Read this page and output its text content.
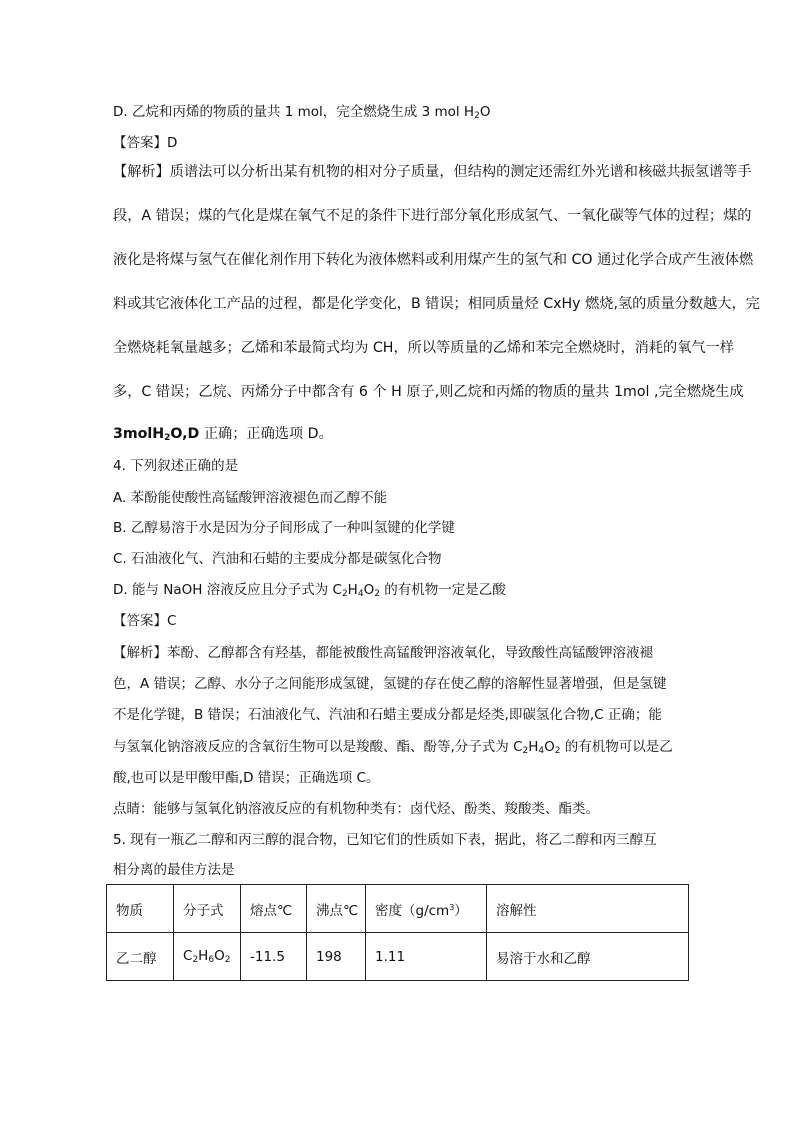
D. 乙烷和丙烯的物质的量共 1 mol，完全燃烧生成 3 mol $H_2O$
【答案】D
【解析】质谱法可以分析出某有机物的相对分子质量，但结构的测定还需红外光谱和核磁共振氢谱等手
段，A 错误；煤的气化是煤在氧气不足的条件下进行部分氧化形成氢气、一氧化碳等气体的过程；煤的
液化是将煤与氢气在催化剂作用下转化为液体燃料或利用煤产生的氢气和 CO 通过化学合成产生液体燃
料或其它液体化工产品的过程，都是化学变化，B 错误；相同质量烃 CxHy 燃烧,氢的质量分数越大，完
全燃烧耗氧量越多；乙烯和苯最简式均为 CH，所以等质量的乙烯和苯完全燃烧时，消耗的氧气一样
多，C 错误；乙烷、丙烯分子中都含有 6 个 H 原子,则乙烷和丙烯的物质的量共 1mol ,完全燃烧生成
3molH$_2$O,D 正确；正确选项 D。
4. 下列叙述正确的是
A. 苯酚能使酸性高锰酸钾溶液褪色而乙醇不能
B. 乙醇易溶于水是因为分子间形成了一种叫氢键的化学键
C. 石油液化气、汽油和石蜡的主要成分都是碳氢化合物
D. 能与 NaOH 溶液反应且分子式为 $C_2H_4O_2$ 的有机物一定是乙酸
【答案】C
【解析】苯酚、乙醇都含有羟基，都能被酸性高锰酸钾溶液氧化，导致酸性高锰酸钾溶液褪
色，A 错误；乙醇、水分子之间能形成氢键，氢键的存在使乙醇的溶解性显著增强，但是氢键
不是化学键，B 错误；石油液化气、汽油和石蜡主要成分都是烃类,即碳氢化合物,C 正确；能
与氢氧化钠溶液反应的含氧衍生物可以是羧酸、酯、酚等,分子式为 $C_2H_4O_2$ 的有机物可以是乙
酸,也可以是甲酸甲酯,D 错误；正确选项 C。
点睛：能够与氢氧化钠溶液反应的有机物种类有：卤代烃、酚类、羧酸类、酯类。
5. 现有一瓶乙二醇和丙三醇的混合物，已知它们的性质如下表，据此，将乙二醇和丙三醇互
相分离的最佳方法是
物质	分子式	熔点℃	沸点℃	密度$(g/cm^3)$	溶解性
乙二醇	$C_2H_6O_2$	-11.5	198	1.11	易溶于水和乙醇
